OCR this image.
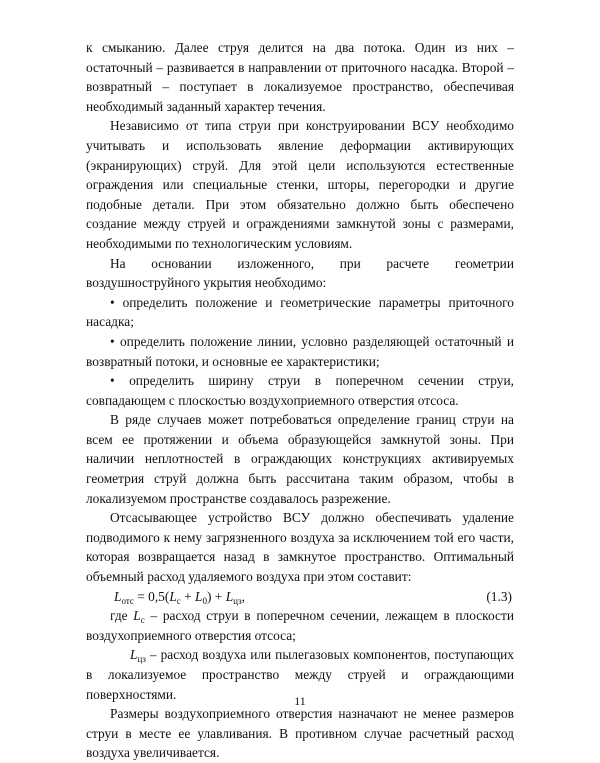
к смыканию. Далее струя делится на два потока. Один из них – остаточный – развивается в направлении от приточного насадка. Второй – возвратный – поступает в локализуемое пространство, обеспечивая необходимый заданный характер течения.

Независимо от типа струи при конструировании ВСУ необходимо учитывать и использовать явление деформации активирующих (экранирующих) струй. Для этой цели используются естественные ограждения или специальные стенки, шторы, перегородки и другие подобные детали. При этом обязательно должно быть обеспечено создание между струей и ограждениями замкнутой зоны с размерами, необходимыми по технологическим условиям.

На основании изложенного, при расчете геометрии воздушноструйного укрытия необходимо:

• определить положение и геометрические параметры приточного насадка;

• определить положение линии, условно разделяющей остаточный и возвратный потоки, и основные ее характеристики;

• определить ширину струи в поперечном сечении струи, совпадающем с плоскостью воздухоприемного отверстия отсоса.

В ряде случаев может потребоваться определение границ струи на всем ее протяжении и объема образующейся замкнутой зоны. При наличии неплотностей в ограждающих конструкциях активируемых геометрия струй должна быть рассчитана таким образом, чтобы в локализуемом пространстве создавалось разрежение.

Отсасывающее устройство ВСУ должно обеспечивать удаление подводимого к нему загрязненного воздуха за исключением той его части, которая возвращается назад в замкнутое пространство. Оптимальный объемный расход удаляемого воздуха при этом составит:

$L_{отс} = 0,5(L_c + L_0) + L_{цз}$,	(1.3)

где $L_c$ – расход струи в поперечном сечении, лежащем в плоскости воздухоприемного отверстия отсоса;

$L_{цз}$ – расход воздуха или пылегазовых компонентов, поступающих в локализуемое пространство между струей и ограждающими поверхностями.

Размеры воздухоприемного отверстия назначают не менее размеров струи в месте ее улавливания. В противном случае расчетный расход воздуха увеличивается.

11
